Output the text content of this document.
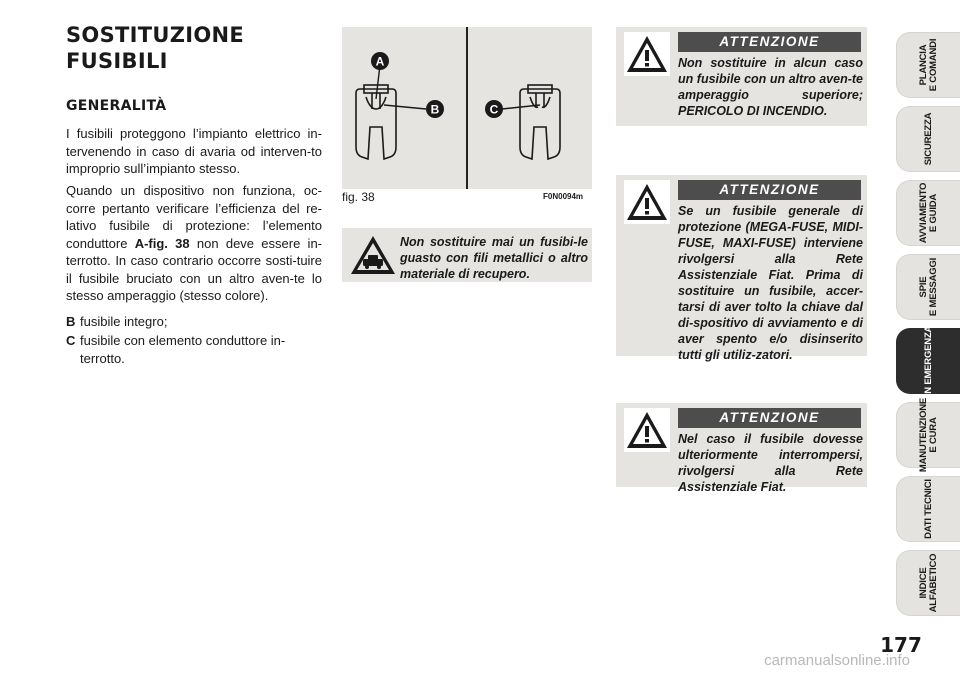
SOSTITUZIONE
FUSIBILI
GENERALITÀ
I fusibili proteggono l’impianto elettrico in-tervenendo in caso di avaria od interven-to improprio sull’impianto stesso.
Quando un dispositivo non funziona, oc-corre pertanto verificare l’efficienza del re-lativo fusibile di protezione: l’elemento conduttore A-fig. 38 non deve essere in-terrotto. In caso contrario occorre sosti-tuire il fusibile bruciato con un altro aven-te lo stesso amperaggio (stesso colore).
B fusibile integro;
C fusibile con elemento conduttore in-terrotto.
A
B	C
fig. 38	F0N0094m
Non sostituire mai un fusibi-le guasto con fili metallici o altro materiale di recupero.
ATTENZIONE
Non sostituire in alcun caso un fusibile con un altro aven-te amperaggio superiore; PERICOLO DI INCENDIO.
ATTENZIONE
Se un fusibile generale di protezione (MEGA-FUSE, MIDI-FUSE, MAXI-FUSE) interviene rivolgersi alla Rete Assistenziale Fiat. Prima di sostituire un fusibile, accer-tarsi di aver tolto la chiave dal di-spositivo di avviamento e di aver spento e/o disinserito tutti gli utiliz-zatori.
ATTENZIONE
Nel caso il fusibile dovesse ulteriormente interrompersi, rivolgersi alla Rete Assistenziale Fiat.
PLANCIA E COMANDI
SICUREZZA
AVVIAMENTO E GUIDA
SPIE E MESSAGGI
IN EMERGENZA
MANUTENZIONE E CURA
DATI TECNICI
INDICE ALFABETICO
177
carmanualsonline.info
